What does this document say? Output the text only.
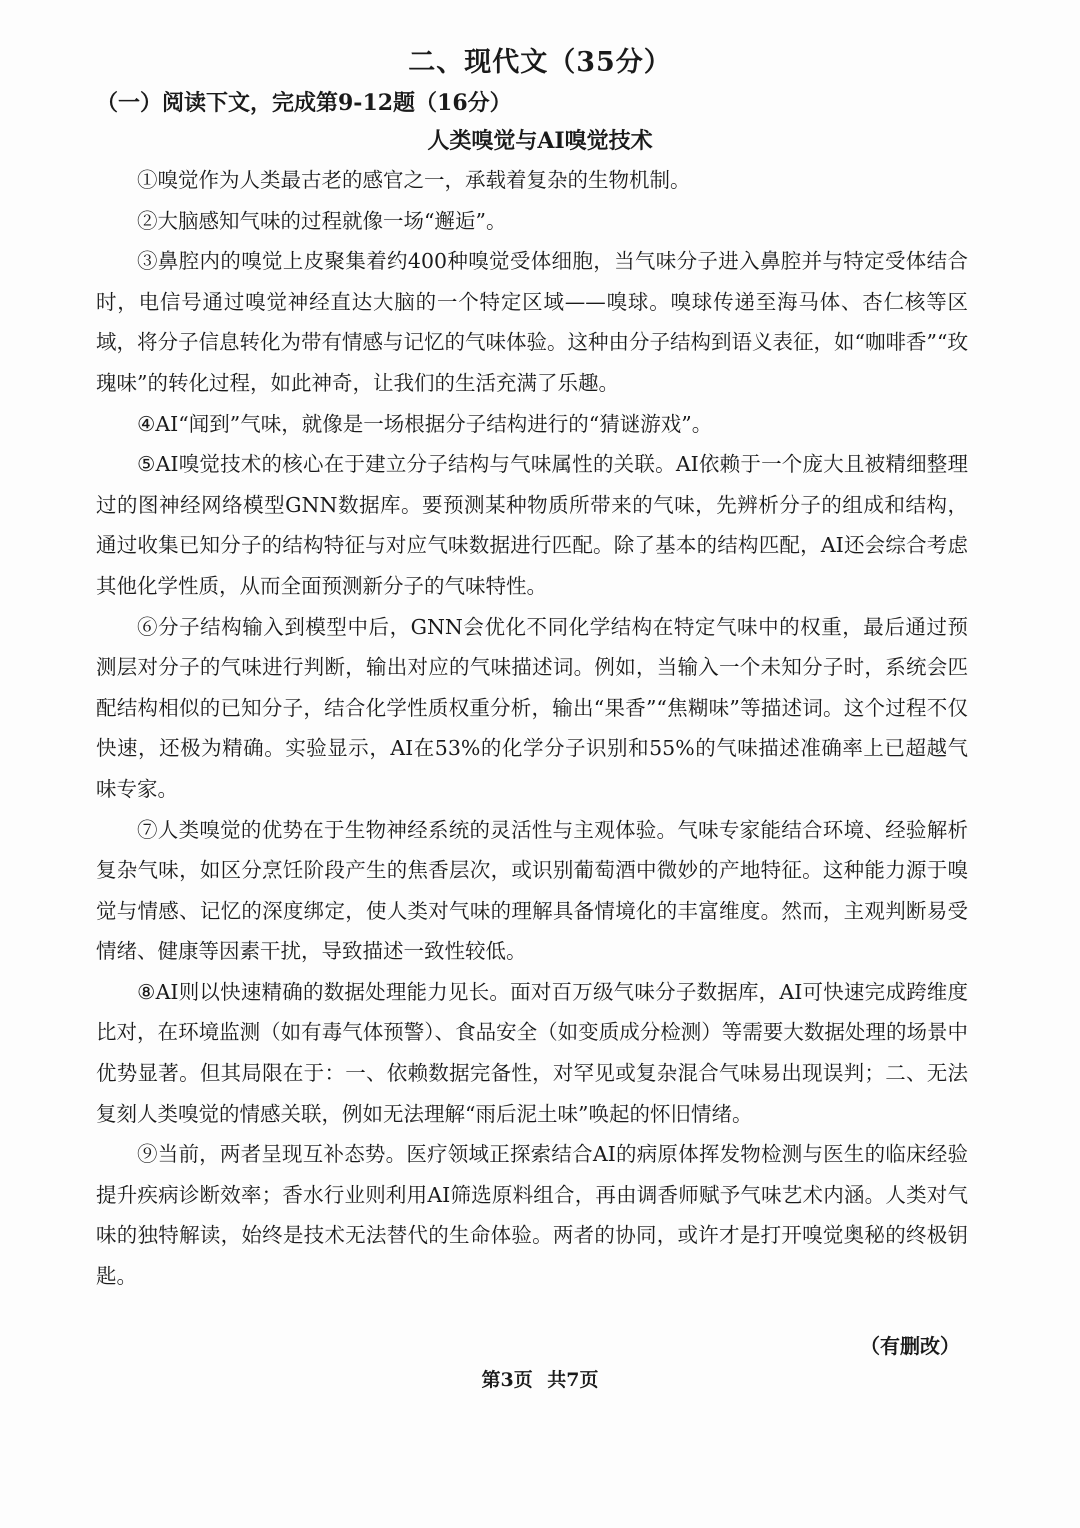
二、现代文（35分）
（一）阅读下文，完成第9-12题（16分）
人类嗅觉与AI嗅觉技术

①嗅觉作为人类最古老的感官之一，承载着复杂的生物机制。

②大脑感知气味的过程就像一场“邂逅”。

③鼻腔内的嗅觉上皮聚集着约400种嗅觉受体细胞，当气味分子进入鼻腔并与特定受体结合时，电信号通过嗅觉神经直达大脑的一个特定区域——嗅球。嗅球传递至海马体、杏仁核等区域，将分子信息转化为带有情感与记忆的气味体验。这种由分子结构到语义表征，如“咖啡香”“玫瑰味”的转化过程，如此神奇，让我们的生活充满了乐趣。

④AI“闻到”气味，就像是一场根据分子结构进行的“猜谜游戏”。

⑤AI嗅觉技术的核心在于建立分子结构与气味属性的关联。AI依赖于一个庞大且被精细整理过的图神经网络模型GNN数据库。要预测某种物质所带来的气味，先辨析分子的组成和结构，通过收集已知分子的结构特征与对应气味数据进行匹配。除了基本的结构匹配，AI还会综合考虑其他化学性质，从而全面预测新分子的气味特性。

⑥分子结构输入到模型中后，GNN会优化不同化学结构在特定气味中的权重，最后通过预测层对分子的气味进行判断，输出对应的气味描述词。例如，当输入一个未知分子时，系统会匹配结构相似的已知分子，结合化学性质权重分析，输出“果香”“焦糊味”等描述词。这个过程不仅快速，还极为精确。实验显示，AI在53%的化学分子识别和55%的气味描述准确率上已超越气味专家。

⑦人类嗅觉的优势在于生物神经系统的灵活性与主观体验。气味专家能结合环境、经验解析复杂气味，如区分烹饪阶段产生的焦香层次，或识别葡萄酒中微妙的产地特征。这种能力源于嗅觉与情感、记忆的深度绑定，使人类对气味的理解具备情境化的丰富维度。然而，主观判断易受情绪、健康等因素干扰，导致描述一致性较低。

⑧AI则以快速精确的数据处理能力见长。面对百万级气味分子数据库，AI可快速完成跨维度比对，在环境监测（如有毒气体预警）、食品安全（如变质成分检测）等需要大数据处理的场景中优势显著。但其局限在于：一、依赖数据完备性，对罕见或复杂混合气味易出现误判；二、无法复刻人类嗅觉的情感关联，例如无法理解“雨后泥土味”唤起的怀旧情绪。

⑨当前，两者呈现互补态势。医疗领域正探索结合AI的病原体挥发物检测与医生的临床经验提升疾病诊断效率；香水行业则利用AI筛选原料组合，再由调香师赋予气味艺术内涵。人类对气味的独特解读，始终是技术无法替代的生命体验。两者的协同，或许才是打开嗅觉奥秘的终极钥匙。

（有删改）
第3页 共7页
